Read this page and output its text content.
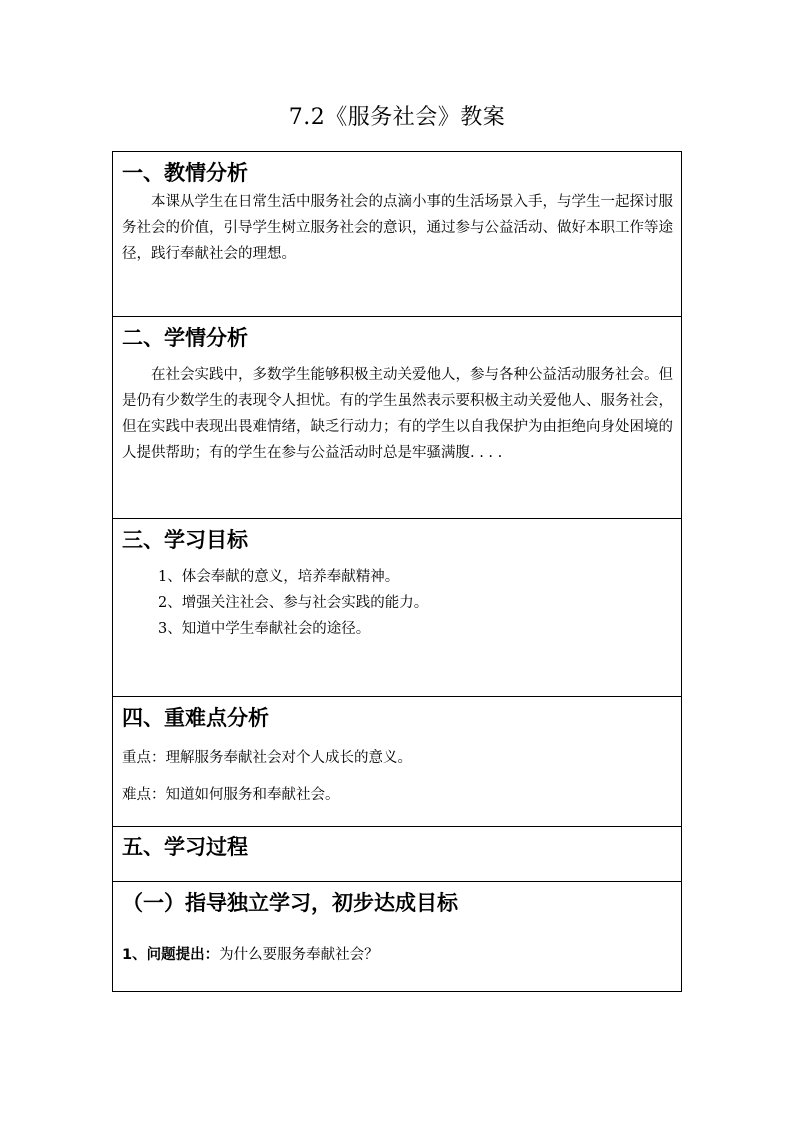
7.2《服务社会》教案
一、教情分析

本课从学生在日常生活中服务社会的点滴小事的生活场景入手，与学生一起探讨服务社会的价值，引导学生树立服务社会的意识，通过参与公益活动、做好本职工作等途径，践行奉献社会的理想。

二、学情分析

在社会实践中，多数学生能够积极主动关爱他人，参与各种公益活动服务社会。但是仍有少数学生的表现令人担忧。有的学生虽然表示要积极主动关爱他人、服务社会，但在实践中表现出畏难情绪，缺乏行动力；有的学生以自我保护为由拒绝向身处困境的人提供帮助；有的学生在参与公益活动时总是牢骚满腹. . . .

三、学习目标

1、体会奉献的意义，培养奉献精神。

2、增强关注社会、参与社会实践的能力。

3、知道中学生奉献社会的途径。

四、重难点分析

重点：理解服务奉献社会对个人成长的意义。

难点：知道如何服务和奉献社会。

五、学习过程

（一）指导独立学习，初步达成目标

1、问题提出：为什么要服务奉献社会？
